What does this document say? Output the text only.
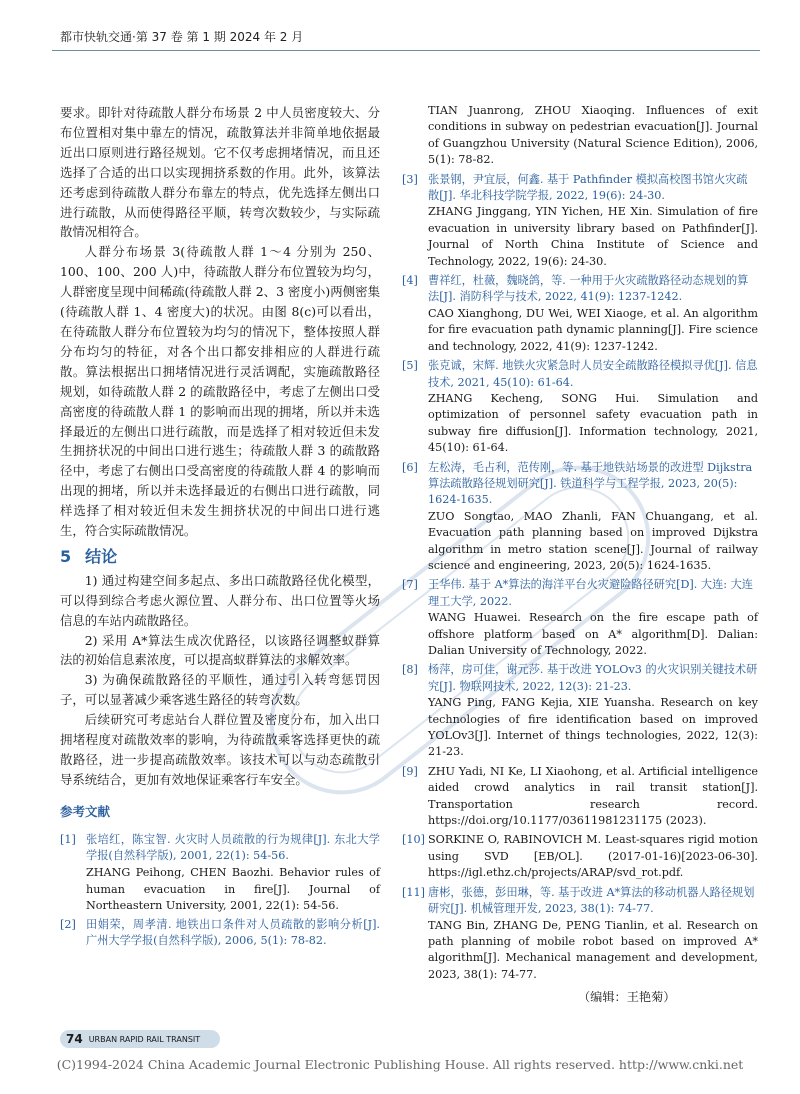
都市快轨交通·第 37 卷 第 1 期 2024 年 2 月

要求。即针对待疏散人群分布场景 2 中人员密度较大、分布位置相对集中靠左的情况，疏散算法并非简单地依据最近出口原则进行路径规划。它不仅考虑拥堵情况，而且还选择了合适的出口以实现拥挤系数的作用。此外，该算法还考虑到待疏散人群分布靠左的特点，优先选择左侧出口进行疏散，从而使得路径平顺，转弯次数较少，与实际疏散情况相符合。

人群分布场景 3(待疏散人群 1～4 分别为 250、100、100、200 人)中，待疏散人群分布位置较为均匀，人群密度呈现中间稀疏(待疏散人群 2、3 密度小)两侧密集(待疏散人群 1、4 密度大)的状况。由图 8(c)可以看出，在待疏散人群分布位置较为均匀的情况下，整体按照人群分布均匀的特征，对各个出口都安排相应的人群进行疏散。算法根据出口拥堵情况进行灵活调配，实施疏散路径规划，如待疏散人群 2 的疏散路径中，考虑了左侧出口受高密度的待疏散人群 1 的影响而出现的拥堵，所以并未选择最近的左侧出口进行疏散，而是选择了相对较近但未发生拥挤状况的中间出口进行逃生；待疏散人群 3 的疏散路径中，考虑了右侧出口受高密度的待疏散人群 4 的影响而出现的拥堵，所以并未选择最近的右侧出口进行疏散，同样选择了相对较近但未发生拥挤状况的中间出口进行逃生，符合实际疏散情况。

5 结论

1) 通过构建空间多起点、多出口疏散路径优化模型，可以得到综合考虑火源位置、人群分布、出口位置等火场信息的车站内疏散路径。

2) 采用 A*算法生成次优路径，以该路径调整蚁群算法的初始信息素浓度，可以提高蚁群算法的求解效率。

3) 为确保疏散路径的平顺性，通过引入转弯惩罚因子，可以显著减少乘客逃生路径的转弯次数。

后续研究可考虑站台人群位置及密度分布，加入出口拥堵程度对疏散效率的影响，为待疏散乘客选择更快的疏散路径，进一步提高疏散效率。该技术可以与动态疏散引导系统结合，更加有效地保证乘客行车安全。

参考文献
[1] 张培红，陈宝智. 火灾时人员疏散的行为规律[J]. 东北大学学报(自然科学版), 2001, 22(1): 54-56.
ZHANG Peihong, CHEN Baozhi. Behavior rules of human evacuation in fire[J]. Journal of Northeastern University, 2001, 22(1): 54-56.
[2] 田娟荣，周孝清. 地铁出口条件对人员疏散的影响分析[J]. 广州大学学报(自然科学版), 2006, 5(1): 78-82.
TIAN Juanrong, ZHOU Xiaoqing. Influences of exit conditions in subway on pedestrian evacuation[J]. Journal of Guangzhou University (Natural Science Edition), 2006, 5(1): 78-82.
[3] 张景钢，尹宜辰，何鑫. 基于 Pathfinder 模拟高校图书馆火灾疏散[J]. 华北科技学院学报, 2022, 19(6): 24-30.
ZHANG Jinggang, YIN Yichen, HE Xin. Simulation of fire evacuation in university library based on Pathfinder[J]. Journal of North China Institute of Science and Technology, 2022, 19(6): 24-30.
[4] 曹祥红，杜薇，魏晓鸽，等. 一种用于火灾疏散路径动态规划的算法[J]. 消防科学与技术, 2022, 41(9): 1237-1242.
CAO Xianghong, DU Wei, WEI Xiaoge, et al. An algorithm for fire evacuation path dynamic planning[J]. Fire science and technology, 2022, 41(9): 1237-1242.
[5] 张克诚，宋辉. 地铁火灾紧急时人员安全疏散路径模拟寻优[J]. 信息技术, 2021, 45(10): 61-64.
ZHANG Kecheng, SONG Hui. Simulation and optimization of personnel safety evacuation path in subway fire diffusion[J]. Information technology, 2021, 45(10): 61-64.
[6] 左松涛，毛占利，范传刚，等. 基于地铁站场景的改进型 Dijkstra 算法疏散路径规划研究[J]. 铁道科学与工程学报, 2023, 20(5): 1624-1635.
ZUO Songtao, MAO Zhanli, FAN Chuangang, et al. Evacuation path planning based on improved Dijkstra algorithm in metro station scene[J]. Journal of railway science and engineering, 2023, 20(5): 1624-1635.
[7] 王华伟. 基于 A*算法的海洋平台火灾避险路径研究[D]. 大连: 大连理工大学, 2022.
WANG Huawei. Research on the fire escape path of offshore platform based on A* algorithm[D]. Dalian: Dalian University of Technology, 2022.
[8] 杨萍，房可佳，谢元莎. 基于改进 YOLOv3 的火灾识别关键技术研究[J]. 物联网技术, 2022, 12(3): 21-23.
YANG Ping, FANG Kejia, XIE Yuansha. Research on key technologies of fire identification based on improved YOLOv3[J]. Internet of things technologies, 2022, 12(3): 21-23.
[9] ZHU Yadi, NI Ke, LI Xiaohong, et al. Artificial intelligence aided crowd analytics in rail transit station[J]. Transportation research record. https://doi.org/10.1177/03611981231175 (2023).
[10] SORKINE O, RABINOVICH M. Least-squares rigid motion using SVD [EB/OL]. (2017-01-16)[2023-06-30]. https://igl.ethz.ch/projects/ARAP/svd_rot.pdf.
[11] 唐彬，张德，彭田琳，等. 基于改进 A*算法的移动机器人路径规划研究[J]. 机械管理开发, 2023, 38(1): 74-77.
TANG Bin, ZHANG De, PENG Tianlin, et al. Research on path planning of mobile robot based on improved A* algorithm[J]. Mechanical management and development, 2023, 38(1): 74-77.
（编辑：王艳菊）
74 URBAN RAPID RAIL TRANSIT
(C)1994-2024 China Academic Journal Electronic Publishing House. All rights reserved. http://www.cnki.net
